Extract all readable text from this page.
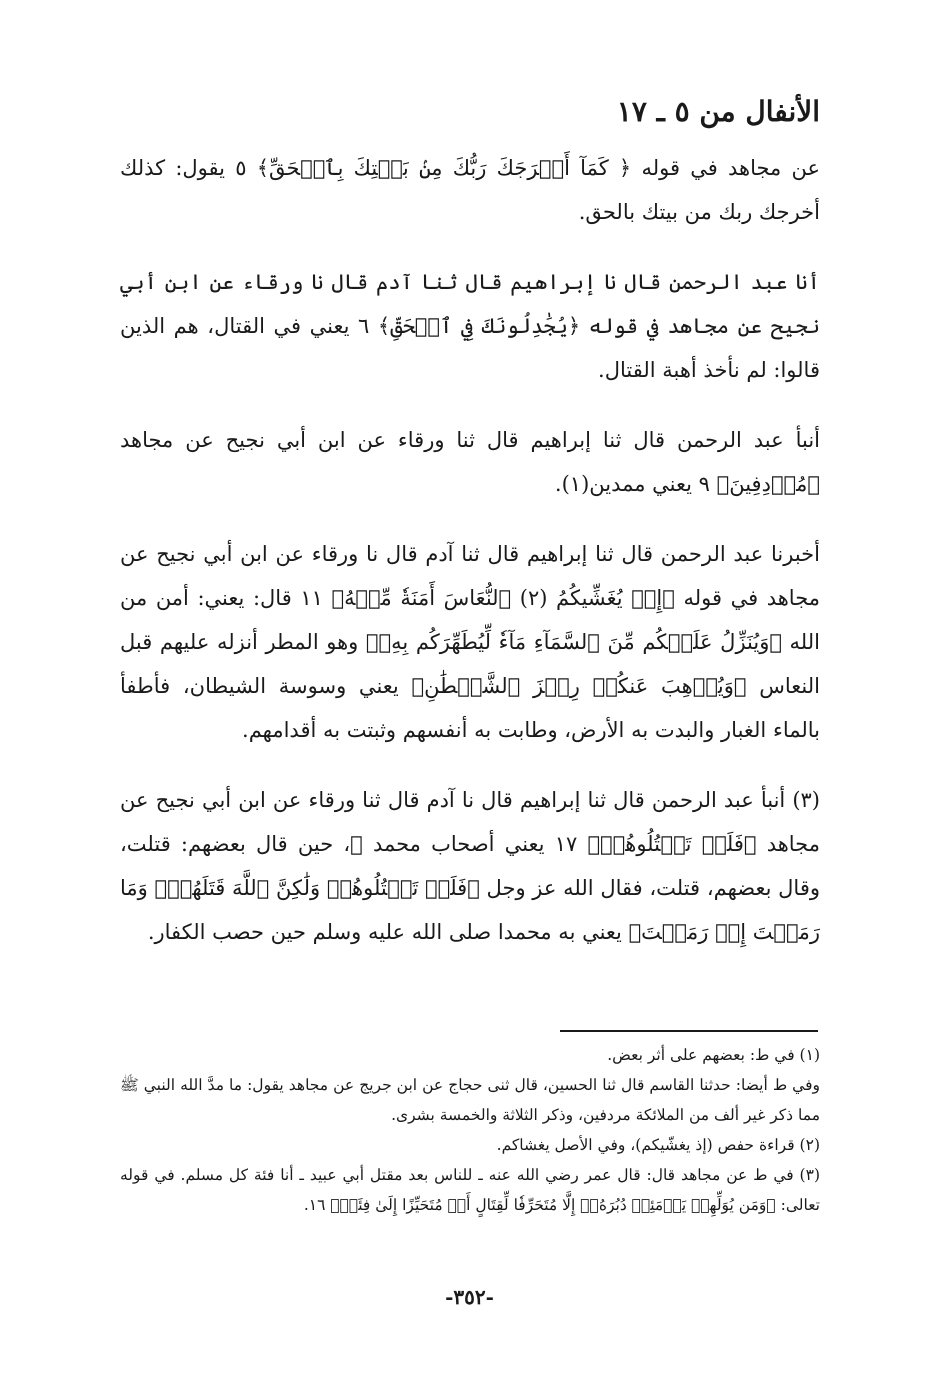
الأنفال من ٥ ـ ١٧

عن مجاهد في قوله ﴿ كَمَآ أَخۡرَجَكَ رَبُّكَ مِنۢ بَيۡتِكَ بِٱلۡحَقِّ﴾ ٥ يقول: كذلك أخرجك ربك من بيتك بالحق.

أنا عبد الرحمن قال نا إبراهيم قال ثنا آدم قال نا ورقاء عن ابن أبي نجيح عن مجاهد في قوله ﴿يُجَٰدِلُونَكَ فِي ٱلۡحَقِّ﴾ ٦ يعني في القتال، هم الذين قالوا: لم نأخذ أهبة القتال.

أنبأ عبد الرحمن قال ثنا إبراهيم قال ثنا ورقاء عن ابن أبي نجيح عن مجاهد ﴿مُرۡدِفِينَ﴾ ٩ يعني ممدين(١).

أخبرنا عبد الرحمن قال ثنا إبراهيم قال ثنا آدم قال نا ورقاء عن ابن أبي نجيح عن مجاهد في قوله ﴿إِذۡ يُغَشِّيكُمُ (٢) ٱلنُّعَاسَ أَمَنَةٗ مِّنۡهُ﴾ ١١ قال: يعني: أمن من الله ﴿وَيُنَزِّلُ عَلَيۡكُم مِّنَ ٱلسَّمَآءِ مَآءٗ لِّيُطَهِّرَكُم بِهِۦ﴾ وهو المطر أنزله عليهم قبل النعاس ﴿وَيُذۡهِبَ عَنكُمۡ رِجۡزَ ٱلشَّيۡطَٰنِ﴾ يعني وسوسة الشيطان، فأطفأ بالماء الغبار والبدت به الأرض، وطابت به أنفسهم وثبتت به أقدامهم.

(٣) أنبأ عبد الرحمن قال ثنا إبراهيم قال نا آدم قال ثنا ورقاء عن ابن أبي نجيح عن مجاهد ﴿فَلَمۡ تَقۡتُلُوهُمۡ﴾ ١٧ يعني أصحاب محمد ﷺ، حين قال بعضهم: قتلت، وقال بعضهم، قتلت، فقال الله عز وجل ﴿فَلَمۡ تَقۡتُلُوهُمۡ وَلَٰكِنَّ ٱللَّهَ قَتَلَهُمۡۚ وَمَا رَمَيۡتَ إِذۡ رَمَيۡتَ﴾ يعني به محمدا صلى الله عليه وسلم حين حصب الكفار.

(١) في ط: بعضهم على أثر بعض.

وفي ط أيضا: حدثنا القاسم قال ثنا الحسين، قال ثنى حجاج عن ابن جريج عن مجاهد يقول: ما مدَّ الله النبي ﷺ مما ذكر غير ألف من الملائكة مردفين، وذكر الثلاثة والخمسة بشرى.

(٢) قراءة حفص (إذ يغشّيكم)، وفي الأصل يغشاكم.

(٣) في ط عن مجاهد قال: قال عمر رضي الله عنه ـ للناس بعد مقتل أبي عبيد ـ أنا فئة كل مسلم. في قوله تعالى: ﴿وَمَن يُوَلِّهِمۡ يَوۡمَئِذٖ دُبُرَهُۥٓ إِلَّا مُتَحَرِّفٗا لِّقِتَالٍ أَوۡ مُتَحَيِّزًا إِلَىٰ فِئَةٖ﴾ ١٦.

-٣٥٢-
